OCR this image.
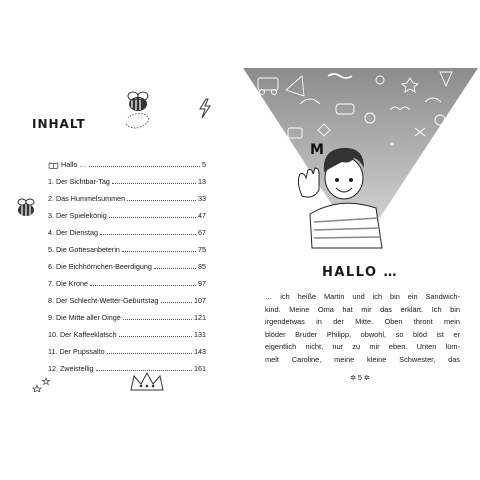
INHALT
Hallo …	5
1. Der Sichtbar-Tag	13
2. Das Hummelsummen	33
3. Der Spielekönig	47
4. Der Dienstag	67
5. Die Gottesanbeterin	75
6. Die Eichhörnchen-Beerdigung	85
7. Die Krone	97
8. Der Schlecht-Wetter-Geburtstag	107
9. Die Mitte aller Dinge	121
10. Der Kaffeeklatsch	131
11. Der Pupssalto	143
12. Zweistellig	161
M
HALLO …
… ich heiße Martin und ich bin ein Sandwich-
kind. Meine Oma hat mir das erklärt. Ich bin
irgendetwas in der Mitte. Oben thront mein
blöder Bruder Philipp, obwohl, so blöd ist er
eigentlich nicht, nur zu mir eben. Unten lüm-
melt Caroline, meine kleine Schwester, das
✲ 5 ✲
